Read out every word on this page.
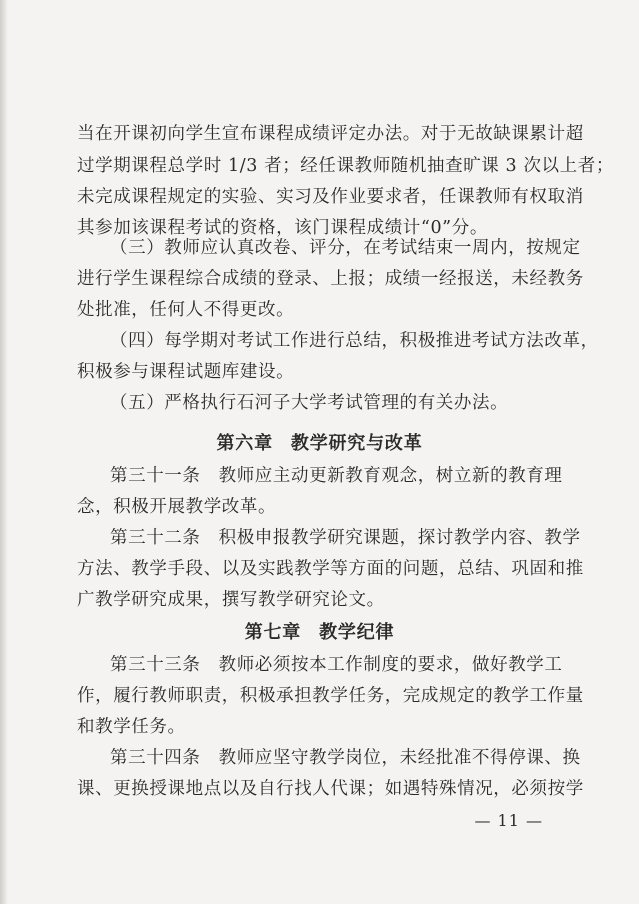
当在开课初向学生宣布课程成绩评定办法。对于无故缺课累计超
过学期课程总学时 1/3 者；经任课教师随机抽查旷课 3 次以上者；
未完成课程规定的实验、实习及作业要求者，任课教师有权取消
其参加该课程考试的资格，该门课程成绩计“0”分。
（三）教师应认真改卷、评分，在考试结束一周内，按规定
进行学生课程综合成绩的登录、上报；成绩一经报送，未经教务
处批准，任何人不得更改。
（四）每学期对考试工作进行总结，积极推进考试方法改革，
积极参与课程试题库建设。
（五）严格执行石河子大学考试管理的有关办法。
第六章 教学研究与改革
第三十一条　教师应主动更新教育观念，树立新的教育理
念，积极开展教学改革。
第三十二条　积极申报教学研究课题，探讨教学内容、教学
方法、教学手段、以及实践教学等方面的问题，总结、巩固和推
广教学研究成果，撰写教学研究论文。
第七章 教学纪律
第三十三条　教师必须按本工作制度的要求，做好教学工
作，履行教师职责，积极承担教学任务，完成规定的教学工作量
和教学任务。
第三十四条　教师应坚守教学岗位，未经批准不得停课、换
课、更换授课地点以及自行找人代课；如遇特殊情况，必须按学
— 11 —
